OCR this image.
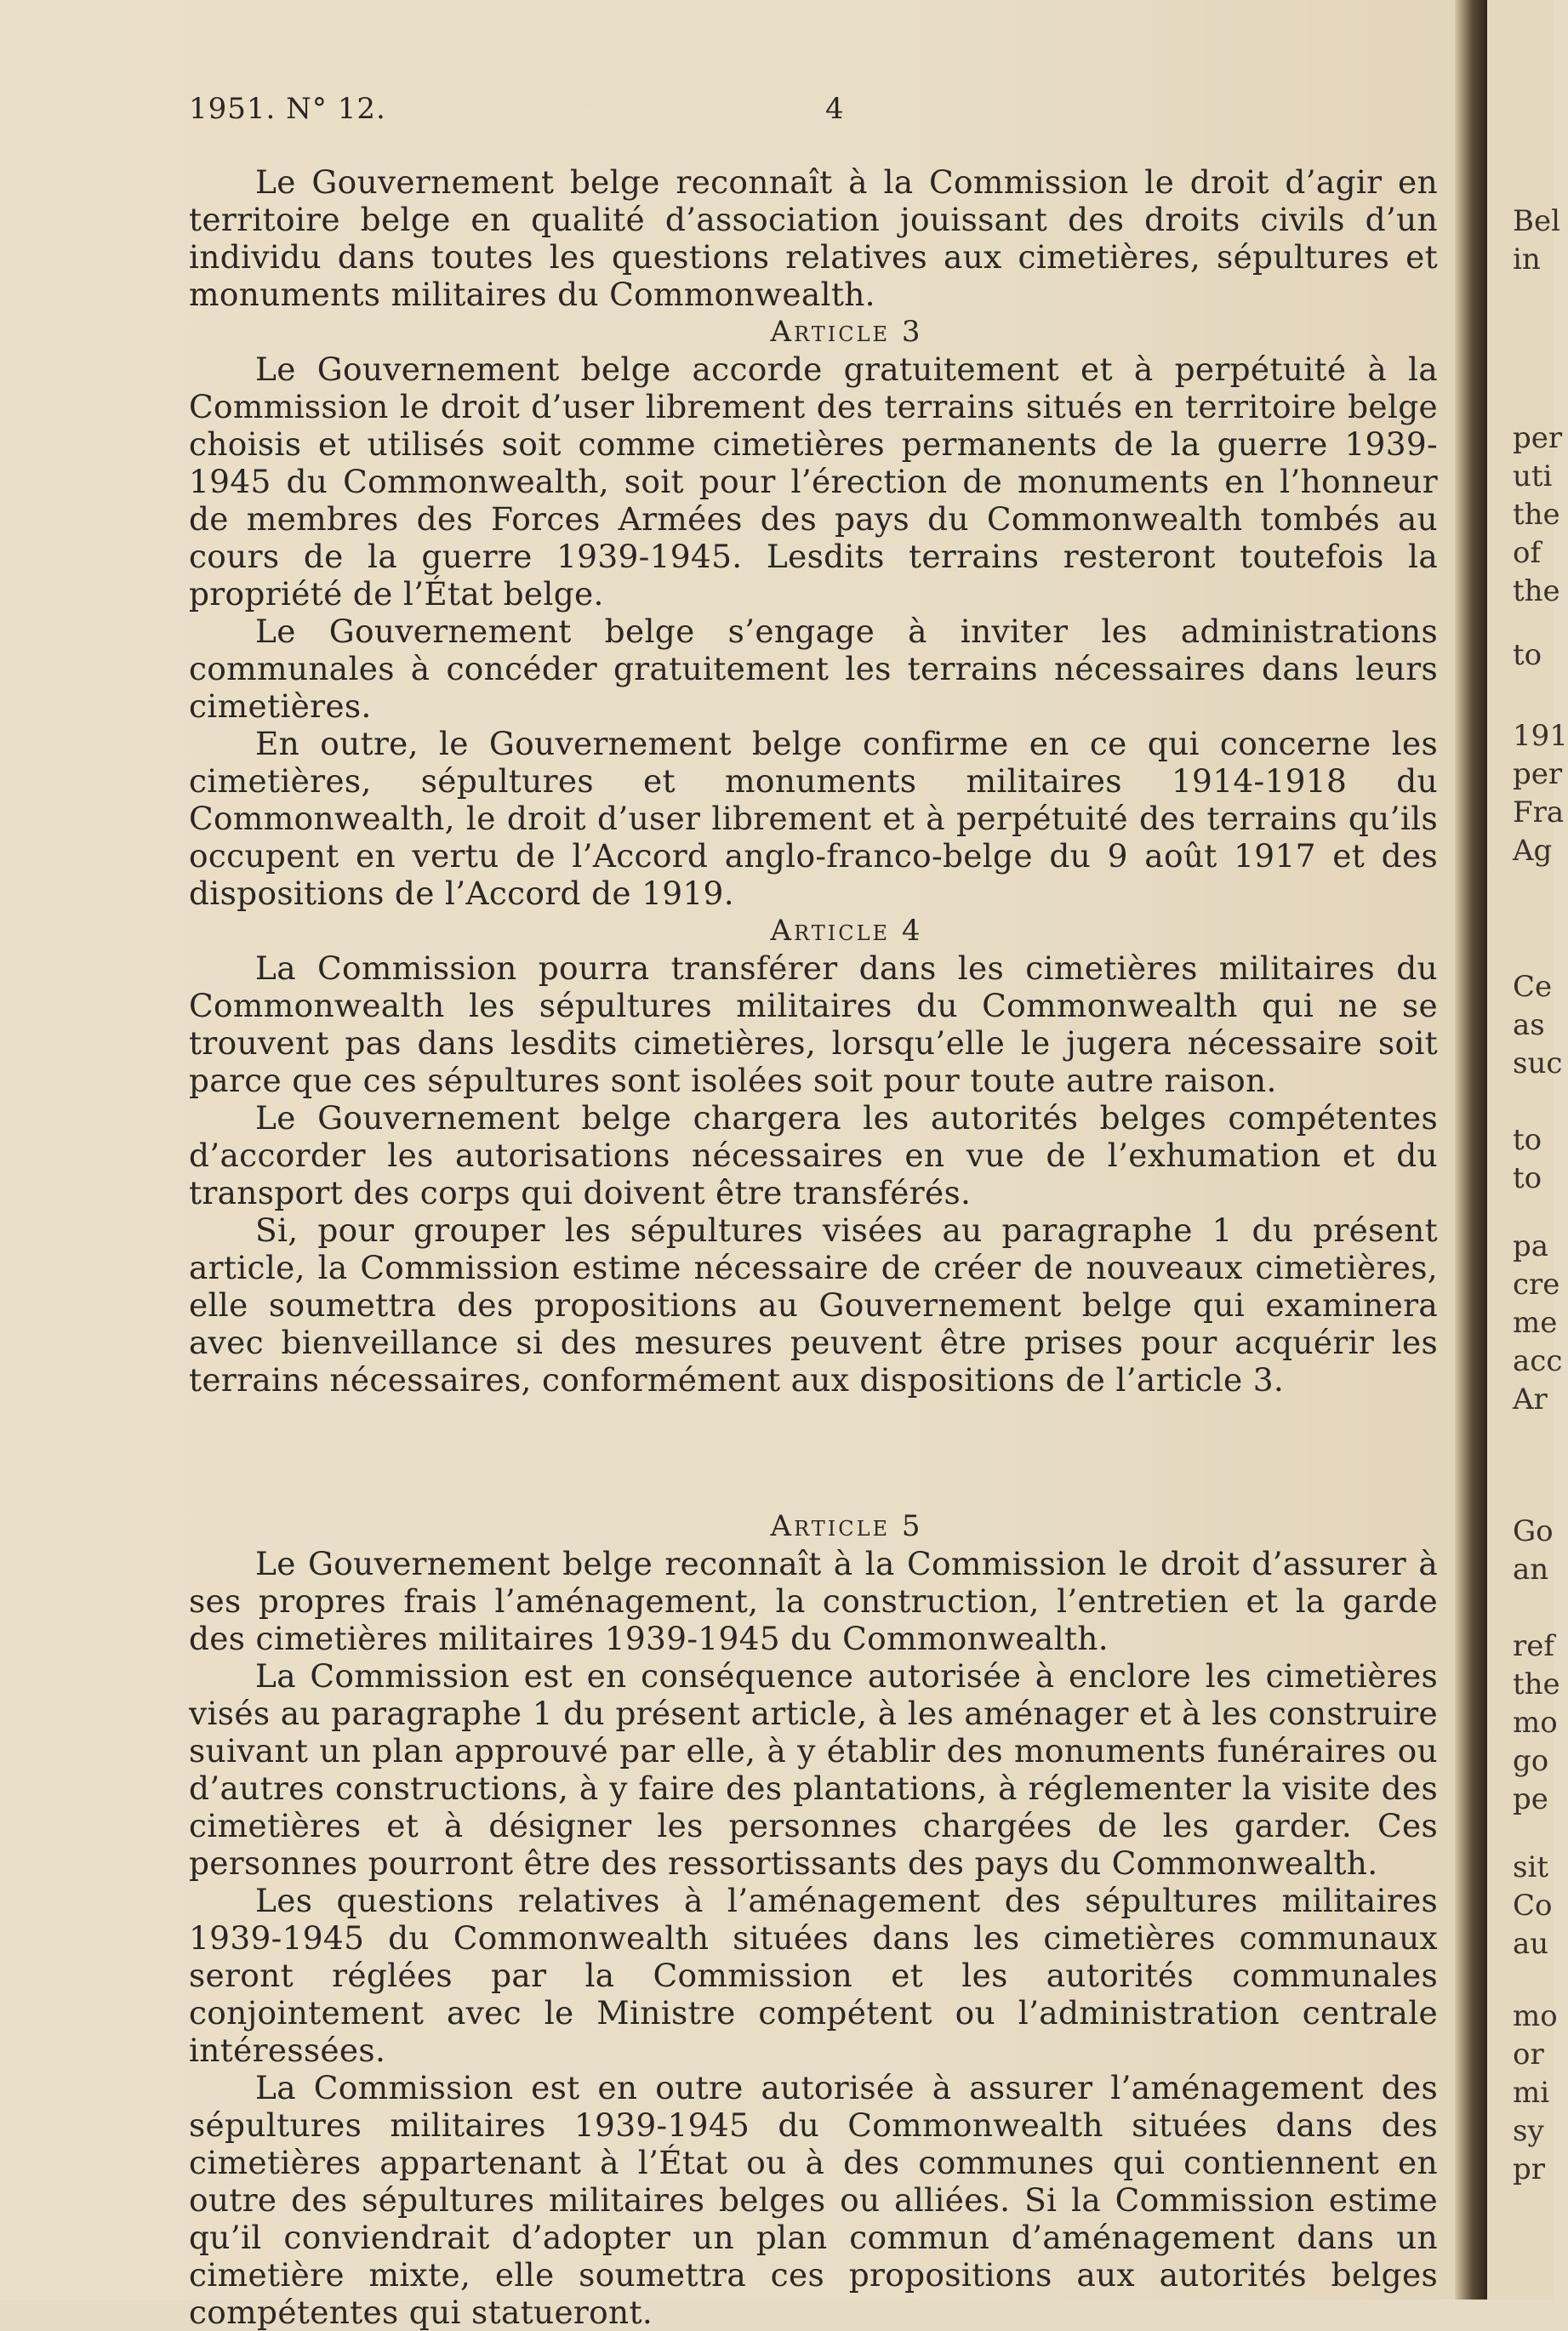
1951. N° 12.	4

Le Gouvernement belge reconnaît à la Commission le droit d’agir en territoire belge en qualité d’association jouissant des droits civils d’un individu dans toutes les questions relatives aux cimetières, sépultures et monuments militaires du Commonwealth.

Article 3

Le Gouvernement belge accorde gratuitement et à perpétuité à la Commission le droit d’user librement des terrains situés en territoire belge choisis et utilisés soit comme cimetières permanents de la guerre 1939-1945 du Commonwealth, soit pour l’érection de monuments en l’honneur de membres des Forces Armées des pays du Commonwealth tombés au cours de la guerre 1939-1945. Lesdits terrains resteront toutefois la propriété de l’État belge.

Le Gouvernement belge s’engage à inviter les administrations communales à concéder gratuitement les terrains nécessaires dans leurs cimetières.

En outre, le Gouvernement belge confirme en ce qui concerne les cimetières, sépultures et monuments militaires 1914-1918 du Commonwealth, le droit d’user librement et à perpétuité des terrains qu’ils occupent en vertu de l’Accord anglo-franco-belge du 9 août 1917 et des dispositions de l’Accord de 1919.

Article 4

La Commission pourra transférer dans les cimetières militaires du Commonwealth les sépultures militaires du Commonwealth qui ne se trouvent pas dans lesdits cimetières, lorsqu’elle le jugera nécessaire soit parce que ces sépultures sont isolées soit pour toute autre raison.

Le Gouvernement belge chargera les autorités belges compétentes d’accorder les autorisations nécessaires en vue de l’exhumation et du transport des corps qui doivent être transférés.

Si, pour grouper les sépultures visées au paragraphe 1 du présent article, la Commission estime nécessaire de créer de nouveaux cimetières, elle soumettra des propositions au Gouvernement belge qui examinera avec bienveillance si des mesures peuvent être prises pour acquérir les terrains nécessaires, conformément aux dispositions de l’article 3.

Article 5

Le Gouvernement belge reconnaît à la Commission le droit d’assurer à ses propres frais l’aménagement, la construction, l’entretien et la garde des cimetières militaires 1939-1945 du Commonwealth.

La Commission est en conséquence autorisée à enclore les cimetières visés au paragraphe 1 du présent article, à les aménager et à les construire suivant un plan approuvé par elle, à y établir des monuments funéraires ou d’autres constructions, à y faire des plantations, à réglementer la visite des cimetières et à désigner les personnes chargées de les garder. Ces personnes pourront être des ressortissants des pays du Commonwealth.

Les questions relatives à l’aménagement des sépultures militaires 1939-1945 du Commonwealth situées dans les cimetières communaux seront réglées par la Commission et les autorités communales conjointement avec le Ministre compétent ou l’administration centrale intéressées.

La Commission est en outre autorisée à assurer l’aménagement des sépultures militaires 1939-1945 du Commonwealth situées dans des cimetières appartenant à l’État ou à des communes qui contiennent en outre des sépultures militaires belges ou alliées. Si la Commission estime qu’il conviendrait d’adopter un plan commun d’aménagement dans un cimetière mixte, elle soumettra ces propositions aux autorités belges compétentes qui statueront.

Bel
in
per
uti
the
of
the
to
191
per
Fra
Ag
Ce
as
suc
to
to
pa
cre
me
acc
Ar
Go
an
ref
the
mo
go
pe
sit
Co
au
mo
or
mi
sy
pr
